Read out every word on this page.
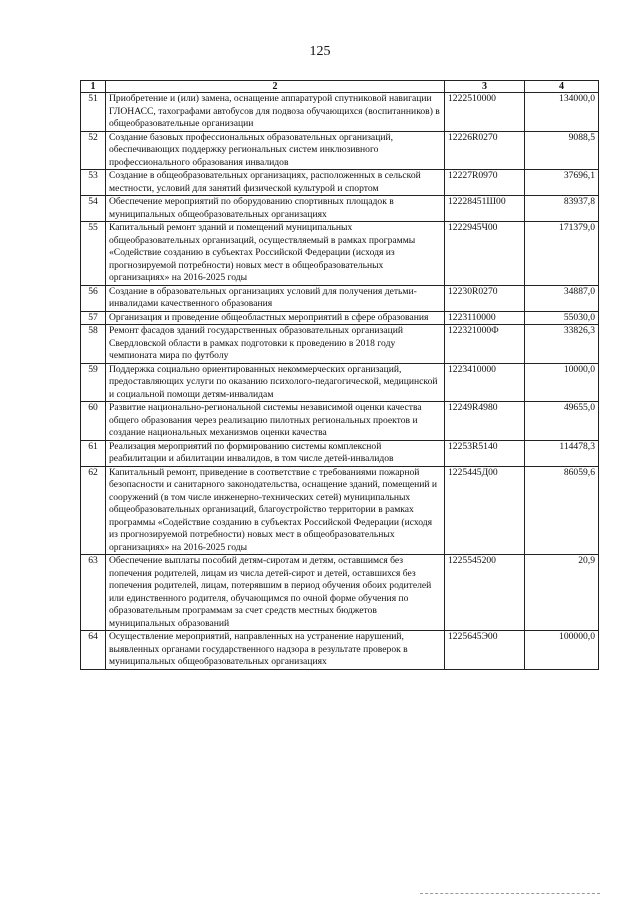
125
1	2	3	4
51	Приобретение и (или) замена, оснащение аппаратурой спутниковой навигации ГЛОНАСС, тахографами автобусов для подвоза обучающихся (воспитанников) в общеобразовательные организации	1222510000	134000,0
52	Создание базовых профессиональных образовательных организаций, обеспечивающих поддержку региональных систем инклюзивного профессионального образования инвалидов	12226R0270	9088,5
53	Создание в общеобразовательных организациях, расположенных в сельской местности, условий для занятий физической культурой и спортом	12227R0970	37696,1
54	Обеспечение мероприятий по оборудованию спортивных площадок в муниципальных общеобразовательных организациях	12228451Ш00	83937,8
55	Капитальный ремонт зданий и помещений муниципальных общеобразовательных организаций, осуществляемый в рамках программы «Содействие созданию в субъектах Российской Федерации (исходя из прогнозируемой потребности) новых мест в общеобразовательных организациях» на 2016-2025 годы	1222945Ч00	171379,0
56	Создание в образовательных организациях условий для получения детьми-инвалидами качественного образования	12230R0270	34887,0
57	Организация и проведение общеобластных мероприятий в сфере образования	1223110000	55030,0
58	Ремонт фасадов зданий государственных образовательных организаций Свердловской области в рамках подготовки к проведению в 2018 году чемпионата мира по футболу	122321000Ф	33826,3
59	Поддержка социально ориентированных некоммерческих организаций, предоставляющих услуги по оказанию психолого-педагогической, медицинской и социальной помощи детям-инвалидам	1223410000	10000,0
60	Развитие национально-региональной системы независимой оценки качества общего образования через реализацию пилотных региональных проектов и создание национальных механизмов оценки качества	12249R4980	49655,0
61	Реализация мероприятий по формированию системы комплексной реабилитации и абилитации инвалидов, в том числе детей-инвалидов	12253R5140	114478,3
62	Капитальный ремонт, приведение в соответствие с требованиями пожарной безопасности и санитарного законодательства, оснащение зданий, помещений и сооружений (в том числе инженерно-технических сетей) муниципальных общеобразовательных организаций, благоустройство территории в рамках программы «Содействие созданию в субъектах Российской Федерации (исходя из прогнозируемой потребности) новых мест в общеобразовательных организациях» на 2016-2025 годы	1225445Д00	86059,6
63	Обеспечение выплаты пособий детям-сиротам и детям, оставшимся без попечения родителей, лицам из числа детей-сирот и детей, оставшихся без попечения родителей, лицам, потерявшим в период обучения обоих родителей или единственного родителя, обучающимся по очной форме обучения по образовательным программам за счет средств местных бюджетов муниципальных образований	1225545200	20,9
64	Осуществление мероприятий, направленных на устранение нарушений, выявленных органами государственного надзора в результате проверок в муниципальных общеобразовательных организациях	1225645Э00	100000,0
